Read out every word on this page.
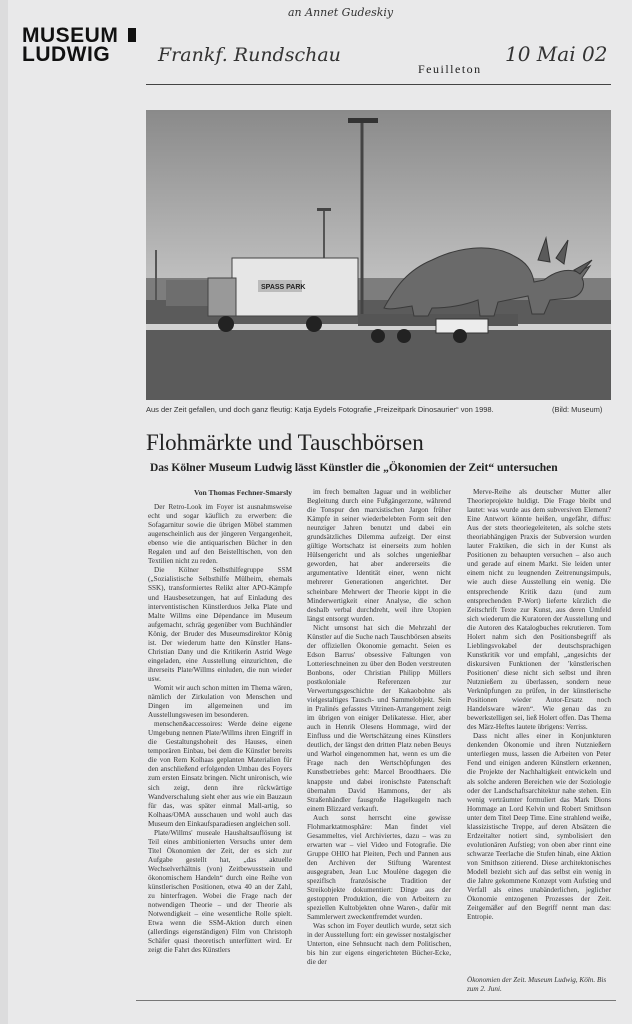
an Annet Gudeskiy
MUSEUM
LUDWIG	Frankf. Rundschau	10 Mai 02
Feuilleton
SPASS PARK
Aus der Zeit gefallen, und doch ganz fleutig: Katja Eydels Fotografie „Freizeitpark Dinosaurier“ von 1998.	(Bild: Museum)
Flohmärkte und Tauschbörsen
Das Kölner Museum Ludwig lässt Künstler die „Ökonomien der Zeit“ untersuchen

Von Thomas Fechner-Smarsly

Der Retro-Look im Foyer ist ausnahmsweise echt und sogar käuflich zu erwerben: die Sofagarnitur sowie die übrigen Möbel stammen augenscheinlich aus der jüngeren Vergangenheit, ebenso wie die antiquarischen Bücher in den Regalen und auf den Beistelltischen, von den Textilien nicht zu reden.

Die Kölner Selbsthilfegruppe SSM („Sozialistische Selbsthilfe Mülheim, ehemals SSK), transformiertes Relikt alter APO-Kämpfe und Hausbesetzungen, hat auf Einladung des interventistischen Künstlerduos Jelka Plate und Malte Willms eine Dépendance im Museum aufgemacht, schräg gegenüber vom Buchhändler König, der Bruder des Museumsdirektor König ist. Der wiederum hatte den Künstler Hans-Christian Dany und die Kritikerin Astrid Wege eingeladen, eine Ausstellung einzurichten, die ihrerseits Plate/Willms einluden, die nun wieder usw.

Womit wir auch schon mitten im Thema wären, nämlich der Zirkulation von Menschen und Dingen im allgemeinen und im Ausstellungswesen im besonderen.

menschen&accessoires: Werde deine eigene Umgebung nennen Plate/Willms ihren Eingriff in die Gestaltungshoheit des Hauses, einen temporären Einbau, bei dem die Künstler bereits die von Rem Kolhaas geplanten Materialien für den anschließend erfolgenden Umbau des Foyers zum ersten Einsatz bringen. Nicht unironisch, wie sich zeigt, denn ihre rückwärtige Wandverschalung sieht eher aus wie ein Bauzaun für das, was später einmal Mall-artig, so Kolhaas/OMA ausschauen und wohl auch das Museum den Einkaufsparadiesen angleichen soll.

Plate/Willms' museale Haushaltsauflösung ist Teil eines ambitionierten Versuchs unter dem Titel Ökonomien der Zeit, der es sich zur Aufgabe gestellt hat, „das aktuelle Wechselverhältnis (von) Zeitbewusstsein und ökonomischem Handeln“ durch eine Reihe von künstlerischen Positionen, etwa 40 an der Zahl, zu hinterfragen. Wobei die Frage nach der notwendigen Theorie – und der Theorie als Notwendigkeit – eine wesentliche Rolle spielt. Etwa wenn die SSM-Aktion durch einen (allerdings eigenständigen) Film von Christoph Schäfer quasi theoretisch unterfüttert wird. Er zeigt die Fahrt des Künstlers

im frech bemalten Jaguar und in weiblicher Begleitung durch eine Fußgängerzone, während die Tonspur den marxistischen Jargon früher Kämpfe in seiner wiederbelebten Form seit den neunziger Jahren benutzt und dabei ein grundsätzliches Dilemma aufzeigt. Der einst gültige Wortschatz ist einerseits zum hohlen Hülsengericht und als solches ungenießbar geworden, hat aber andererseits die argumentative Identität einer, wenn nicht mehrerer Generationen angerichtet. Der scheinbare Mehrwert der Theorie kippt in die Minderwertigkeit einer Analyse, die schon deshalb verbal durchdreht, weil ihre Utopien längst entsorgt wurden.

Nicht umsonst hat sich die Mehrzahl der Künstler auf die Suche nach Tauschbörsen abseits der offiziellen Ökonomie gemacht. Seien es Edson Barrus' obsessive Faltungen von Lotterieschneinen zu über den Boden verstreuten Bonbons, oder Christian Philipp Müllers postkoloniale Referenzen zur Verwertungsgeschichte der Kakaobohne als vielgestaltiges Tausch- und Sammelobjekt. Sein in Pralinés gefasstes Vitrinen-Arrangement zeigt im übrigen von einiger Delikatesse. Hier, aber auch in Henrik Olesens Hommage, wird der Einfluss und die Wertschätzung eines Künstlers deutlich, der längst den dritten Platz neben Beuys und Warhol eingenommen hat, wenn es um die Frage nach den Wertschöpfungen des Kunstbetriebes geht: Marcel Broodthaers. Die knappste und dabei ironischste Patenschaft übernahm David Hammons, der als Straßenhändler fausgroße Hagelkugeln nach einem Blizzard verkauft.

Auch sonst herrscht eine gewisse Flohmarktatmosphäre: Man findet viel Gesammeltes, viel Archiviertes, dazu – was zu erwarten war – viel Video und Fotografie. Die Gruppe OHIO hat Pleiten, Pech und Pannen aus den Archiven der Stiftung Warentest ausgegraben, Jean Luc Moulène dagegen die speziflsch französische Tradition der Streikobjekte dokumentiert: Dinge aus der gestoppten Produktion, die von Arbeitern zu speziellen Kultobjekten ohne Waren-, dafür mit Sammlerwert zweckentfremdet wurden.

Was schon im Foyer deutlich wurde, setzt sich in der Ausstellung fort: ein gewisser nostalgischer Unterton, eine Sehnsucht nach dem Politischen, bis hin zur eigens eingerichteten Bücher-Ecke, die der

Merve-Reihe als deutscher Mutter aller Theorieprojekte huldigt. Die Frage bleibt und lautet: was wurde aus dem subversiven Element? Eine Antwort könnte heißen, ungefähr, diffus: Aus der stets theoriegeleiteten, als solche stets theoriabhängigen Praxis der Subversion wurden lauter Fraktiken, die sich in der Kunst als Positionen zu behaupten versuchen – also auch und gerade auf einem Markt. Sie leiden unter einem nicht zu leugnenden Zeitrenungsimpuls, wie auch diese Ausstellung ein wenig. Die entsprechende Kritik dazu (und zum entsprechenden P-Wort) lieferte kürzlich die Zeitschrift Texte zur Kunst, aus deren Umfeld sich wiederum die Kuratoren der Ausstellung und die Autoren des Katalogbuches rekrutieren. Tom Holert nahm sich den Positionsbegriff als Lieblingsvokabel der deutschsprachigen Kunstkritik vor und empfahl, „angesichts der diskursiven Funktionen der 'künstlerischen Positionen' diese nicht sich selbst und ihren Nutznießern zu überlassen, sondern neue Verknüpfungen zu prüfen, in der künstlerische Positionen wieder Autor-Ersatz noch Handelsware wären“. Wie genau das zu bewerkstelligen sei, ließ Holert offen. Das Thema des März-Heftes lautete übrigens: Verriss.

Dass nicht alles einer in Konjunkturen denkenden Ökonomie und ihren Nutznießern unterliegen muss, lassen die Arbeiten von Peter Fend und einigen anderen Künstlern erkennen, die Projekte der Nachhaltigkeit entwickeln und als solche anderen Bereichen wie der Soziologie oder der Landschaftsarchitektur nahe stehen. Ein wenig verträumter formuliert das Mark Dions Hommage an Lord Kelvin und Robert Smithson unter dem Titel Deep Time. Eine strahlend weiße, klassizistische Treppe, auf deren Absätzen die Erdzeitalter notiert sind, symbolisiert den evolutionären Aufstieg; von oben aber rinnt eine schwarze Teerlache die Stufen hinab, eine Aktion von Smithson zitierend. Diese architektonisches Modell bezieht sich auf das selbst ein wenig in die Jahre gekommene Konzept vom Aufstieg und Verfall als eines unabänderlichen, jeglicher Ökonomie entzogenen Prozesses der Zeit. Zeitgemäßer auf den Begriff nennt man das: Entropie.

Ökonomien der Zeit. Museum Ludwig, Köln. Bis zum 2. Juni.
